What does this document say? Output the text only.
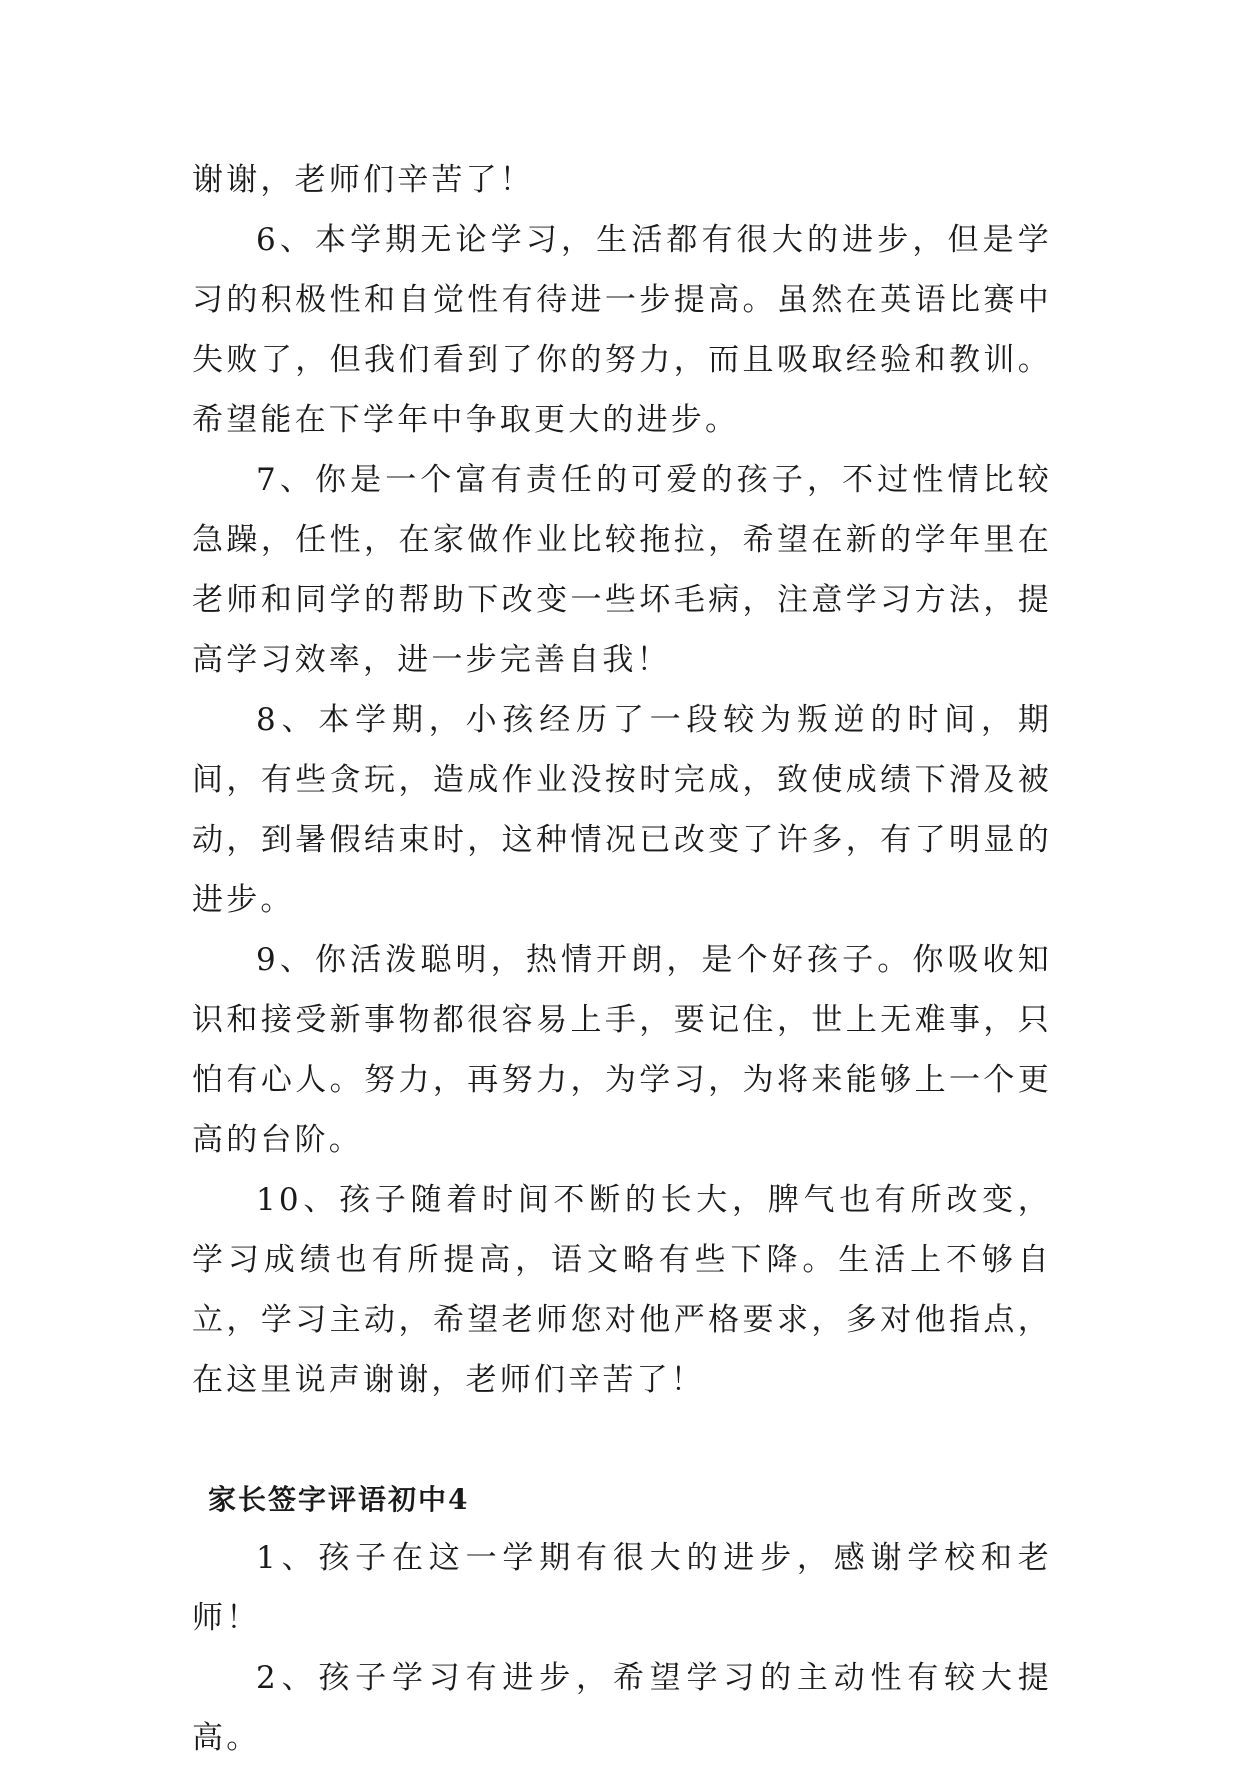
谢谢，老师们辛苦了！

6、本学期无论学习，生活都有很大的进步，但是学习的积极性和自觉性有待进一步提高。虽然在英语比赛中失败了，但我们看到了你的努力，而且吸取经验和教训。希望能在下学年中争取更大的进步。

7、你是一个富有责任的可爱的孩子，不过性情比较急躁，任性，在家做作业比较拖拉，希望在新的学年里在老师和同学的帮助下改变一些坏毛病，注意学习方法，提高学习效率，进一步完善自我！

8、本学期，小孩经历了一段较为叛逆的时间，期间，有些贪玩，造成作业没按时完成，致使成绩下滑及被动，到暑假结束时，这种情况已改变了许多，有了明显的进步。

9、你活泼聪明，热情开朗，是个好孩子。你吸收知识和接受新事物都很容易上手，要记住，世上无难事，只怕有心人。努力，再努力，为学习，为将来能够上一个更高的台阶。

10、孩子随着时间不断的长大，脾气也有所改变，学习成绩也有所提高，语文略有些下降。生活上不够自立，学习主动，希望老师您对他严格要求，多对他指点，在这里说声谢谢，老师们辛苦了！

家长签字评语初中4

1、孩子在这一学期有很大的进步，感谢学校和老师！

2、孩子学习有进步，希望学习的主动性有较大提高。
